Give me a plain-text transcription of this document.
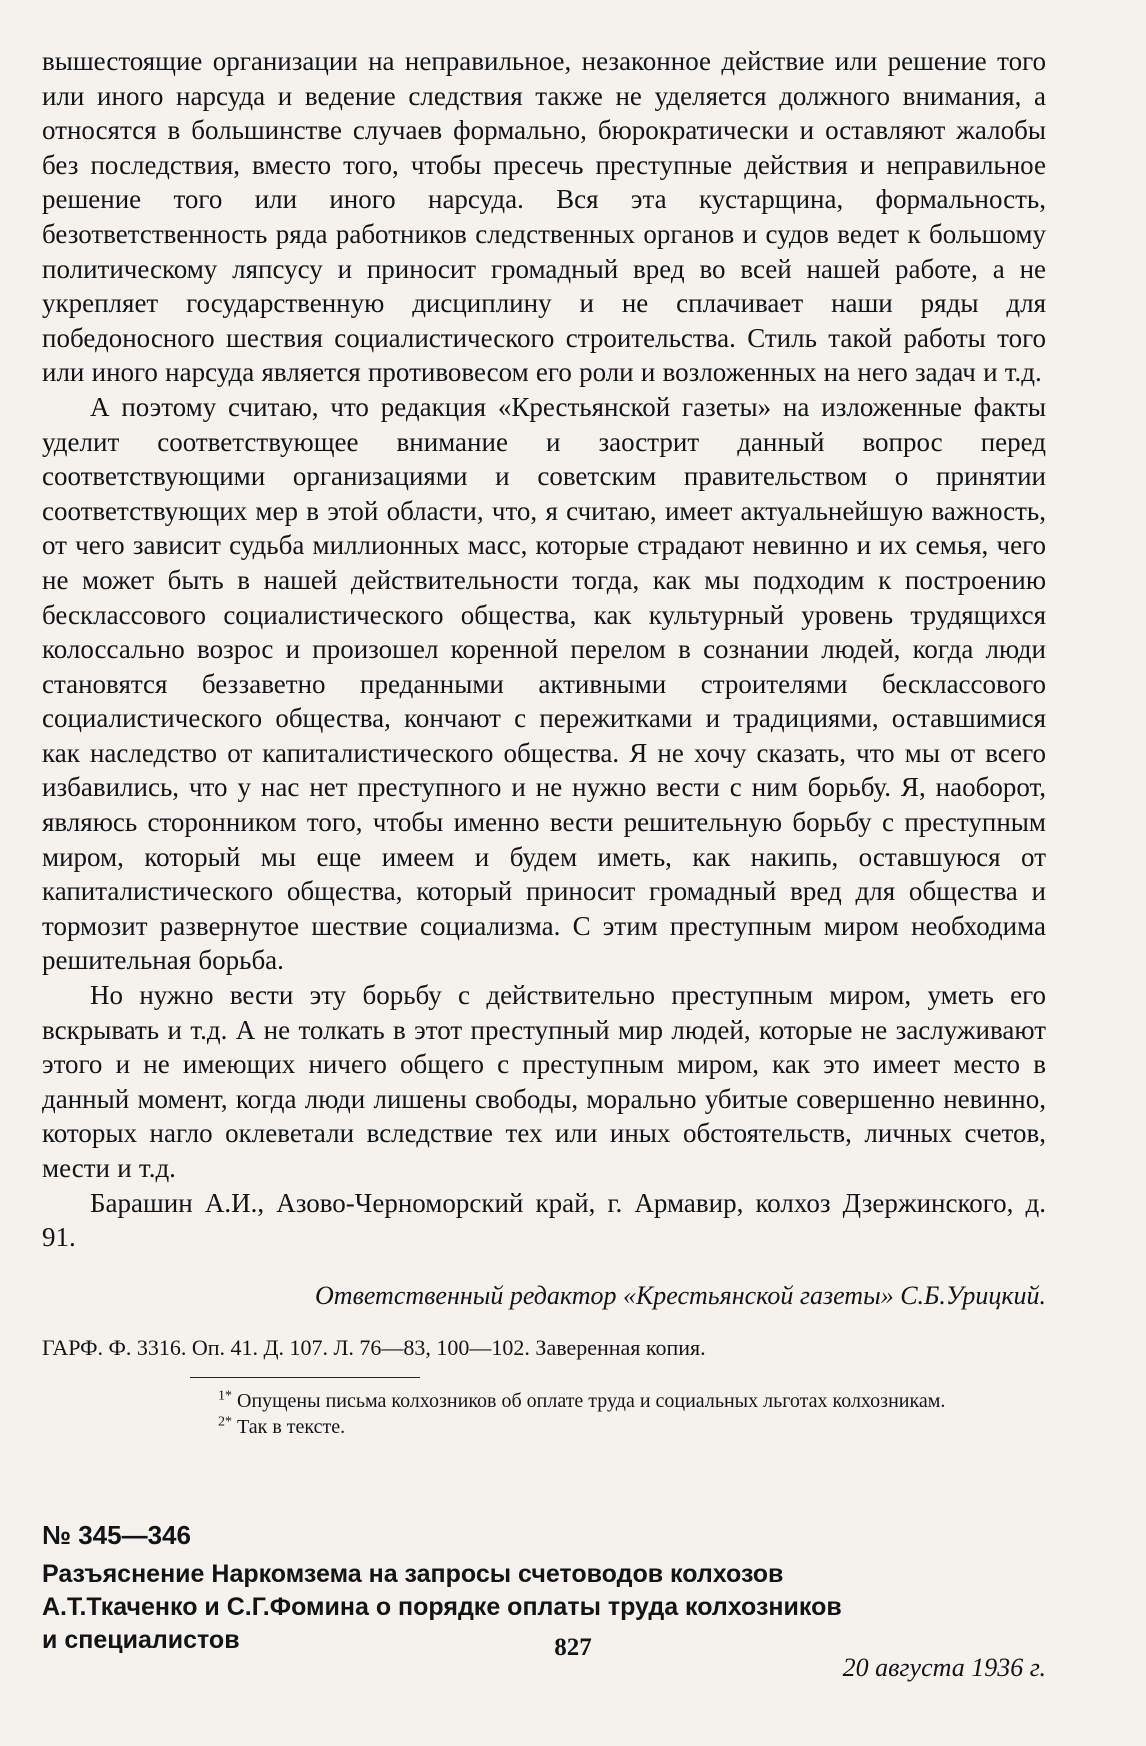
вышестоящие организации на неправильное, незаконное действие или решение того или иного нарсуда и ведение следствия также не уделяется должного внимания, а относятся в большинстве случаев формально, бюрократически и оставляют жалобы без последствия, вместо того, чтобы пресечь преступные действия и неправильное решение того или иного нарсуда. Вся эта кустарщина, формальность, безответственность ряда работников следственных органов и судов ведет к большому политическому ляпсусу и приносит громадный вред во всей нашей работе, а не укрепляет государственную дисциплину и не сплачивает наши ряды для победоносного шествия социалистического строительства. Стиль такой работы того или иного нарсуда является противовесом его роли и возложенных на него задач и т.д.

А поэтому считаю, что редакция «Крестьянской газеты» на изложенные факты уделит соответствующее внимание и заострит данный вопрос перед соответствующими организациями и советским правительством о принятии соответствующих мер в этой области, что, я считаю, имеет актуальнейшую важность, от чего зависит судьба миллионных масс, которые страдают невинно и их семья, чего не может быть в нашей действительности тогда, как мы подходим к построению бесклассового социалистического общества, как культурный уровень трудящихся колоссально возрос и произошел коренной перелом в сознании людей, когда люди становятся беззаветно преданными активными строителями бесклассового социалистического общества, кончают с пережитками и традициями, оставшимися как наследство от капиталистического общества. Я не хочу сказать, что мы от всего избавились, что у нас нет преступного и не нужно вести с ним борьбу. Я, наоборот, являюсь сторонником того, чтобы именно вести решительную борьбу с преступным миром, который мы еще имеем и будем иметь, как накипь, оставшуюся от капиталистического общества, который приносит громадный вред для общества и тормозит развернутое шествие социализма. С этим преступным миром необходима решительная борьба.

Но нужно вести эту борьбу с действительно преступным миром, уметь его вскрывать и т.д. А не толкать в этот преступный мир людей, которые не заслуживают этого и не имеющих ничего общего с преступным миром, как это имеет место в данный момент, когда люди лишены свободы, морально убитые совершенно невинно, которых нагло оклеветали вследствие тех или иных обстоятельств, личных счетов, мести и т.д.

Барашин А.И., Азово-Черноморский край, г. Армавир, колхоз Дзержинского, д. 91.

Ответственный редактор «Крестьянской газеты» С.Б.Урицкий.

ГАРФ. Ф. 3316. Оп. 41. Д. 107. Л. 76—83, 100—102. Заверенная копия.

$^{1*}$ Опущены письма колхозников об оплате труда и социальных льготах колхозникам.

$^{2*}$ Так в тексте.

№ 345—346

Разъяснение Наркомзема на запросы счетоводов колхозов А.Т.Ткаченко и С.Г.Фомина о порядке оплаты труда колхозников и специалистов

20 августа 1936 г.

827
